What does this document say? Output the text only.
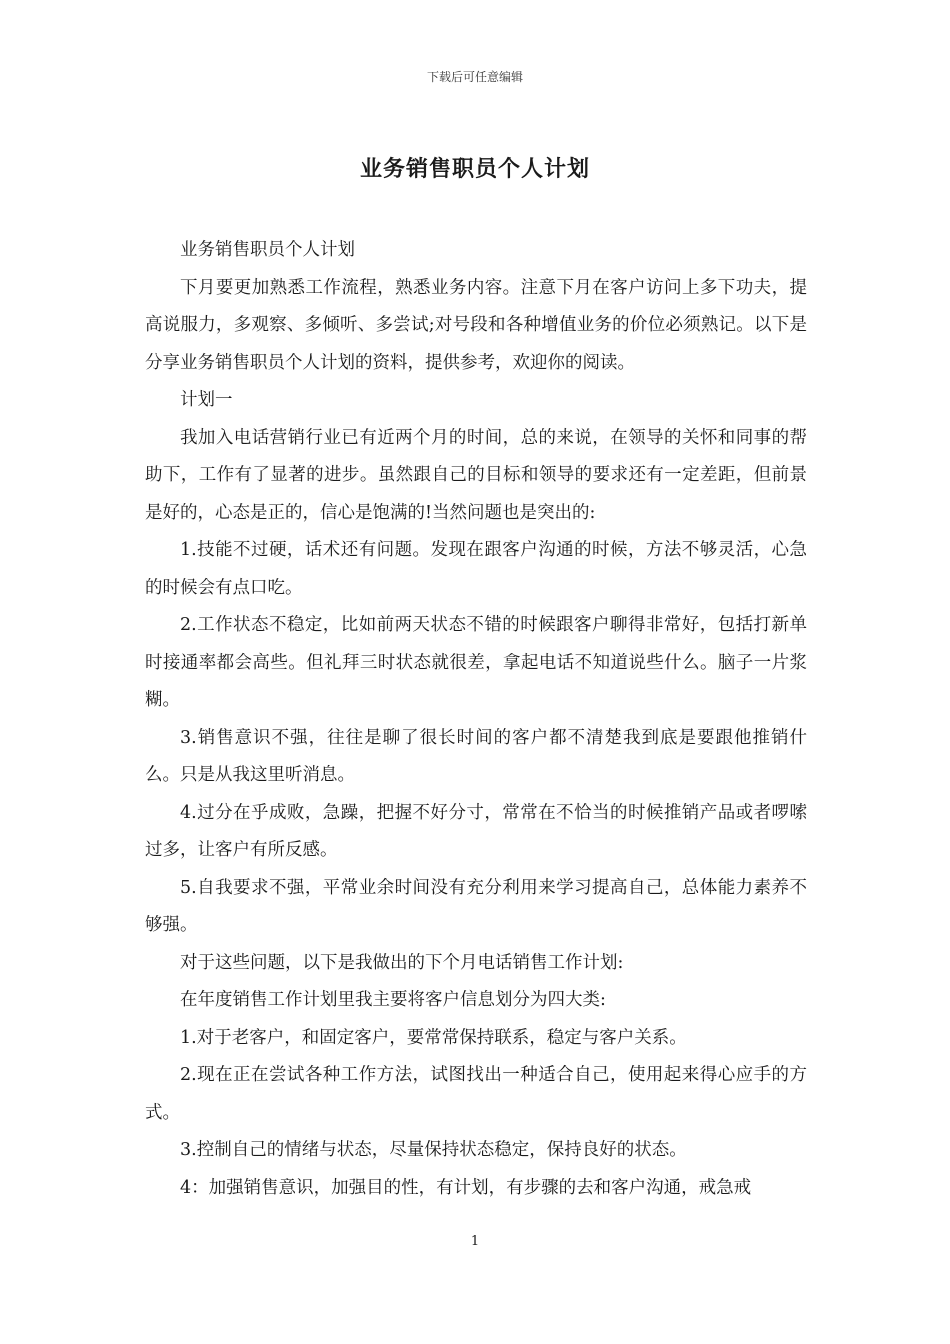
下载后可任意编辑
业务销售职员个人计划

业务销售职员个人计划

下月要更加熟悉工作流程，熟悉业务内容。注意下月在客户访问上多下功夫，提高说服力，多观察、多倾听、多尝试;对号段和各种增值业务的价位必须熟记。以下是分享业务销售职员个人计划的资料，提供参考，欢迎你的阅读。

计划一

我加入电话营销行业已有近两个月的时间，总的来说，在领导的关怀和同事的帮助下，工作有了显著的进步。虽然跟自己的目标和领导的要求还有一定差距，但前景是好的，心态是正的，信心是饱满的!当然问题也是突出的:

1.技能不过硬，话术还有问题。发现在跟客户沟通的时候，方法不够灵活，心急的时候会有点口吃。

2.工作状态不稳定，比如前两天状态不错的时候跟客户聊得非常好，包括打新单时接通率都会高些。但礼拜三时状态就很差，拿起电话不知道说些什么。脑子一片浆糊。

3.销售意识不强，往往是聊了很长时间的客户都不清楚我到底是要跟他推销什么。只是从我这里听消息。

4.过分在乎成败，急躁，把握不好分寸，常常在不恰当的时候推销产品或者啰嗦过多，让客户有所反感。

5.自我要求不强，平常业余时间没有充分利用来学习提高自己，总体能力素养不够强。

对于这些问题，以下是我做出的下个月电话销售工作计划:

在年度销售工作计划里我主要将客户信息划分为四大类:

1.对于老客户，和固定客户，要常常保持联系，稳定与客户关系。

2.现在正在尝试各种工作方法，试图找出一种适合自己，使用起来得心应手的方式。

3.控制自己的情绪与状态，尽量保持状态稳定，保持良好的状态。

4：加强销售意识，加强目的性，有计划，有步骤的去和客户沟通，戒急戒

1
